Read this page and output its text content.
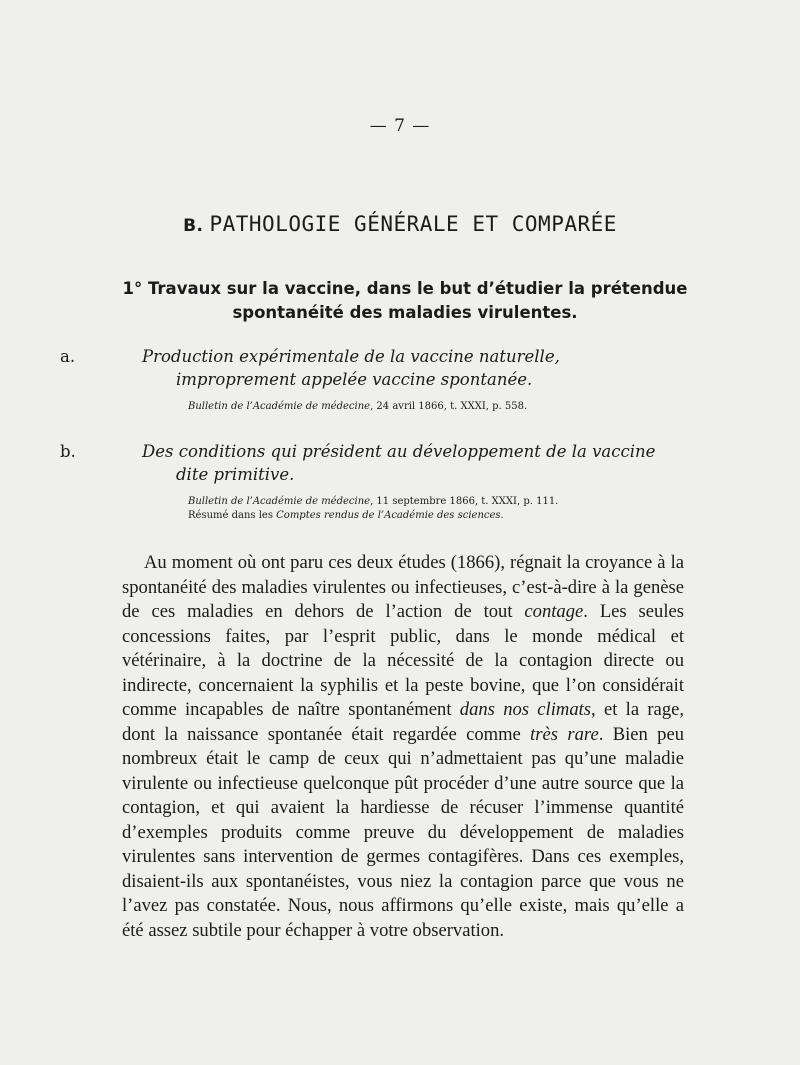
— 7 —
B. PATHOLOGIE GÉNÉRALE ET COMPARÉE
1° Travaux sur la vaccine, dans le but d’étudier la prétendue spontanéité des maladies virulentes.
a.	Production expérimentale de la vaccine naturelle, improprement appelée vaccine spontanée.
Bulletin de l’Académie de médecine, 24 avril 1866, t. XXXI, p. 558.
b.	Des conditions qui président au développement de la vaccine dite primitive.
Bulletin de l’Académie de médecine, 11 septembre 1866, t. XXXI, p. 111.
Résumé dans les Comptes rendus de l’Académie des sciences.

Au moment où ont paru ces deux études (1866), régnait la croyance à la spontanéité des maladies virulentes ou infectieuses, c’est-à-dire à la genèse de ces maladies en dehors de l’action de tout contage. Les seules concessions faites, par l’esprit public, dans le monde médical et vétérinaire, à la doctrine de la nécessité de la contagion directe ou indirecte, concernaient la syphilis et la peste bovine, que l’on considérait comme incapables de naître spontanément dans nos climats, et la rage, dont la naissance spontanée était regardée comme très rare. Bien peu nombreux était le camp de ceux qui n’admettaient pas qu’une maladie virulente ou infectieuse quelconque pût procéder d’une autre source que la contagion, et qui avaient la hardiesse de récuser l’immense quantité d’exemples produits comme preuve du développement de maladies virulentes sans intervention de germes contagifères. Dans ces exemples, disaient-ils aux spontanéistes, vous niez la contagion parce que vous ne l’avez pas constatée. Nous, nous affirmons qu’elle existe, mais qu’elle a été assez subtile pour échapper à votre observation.
